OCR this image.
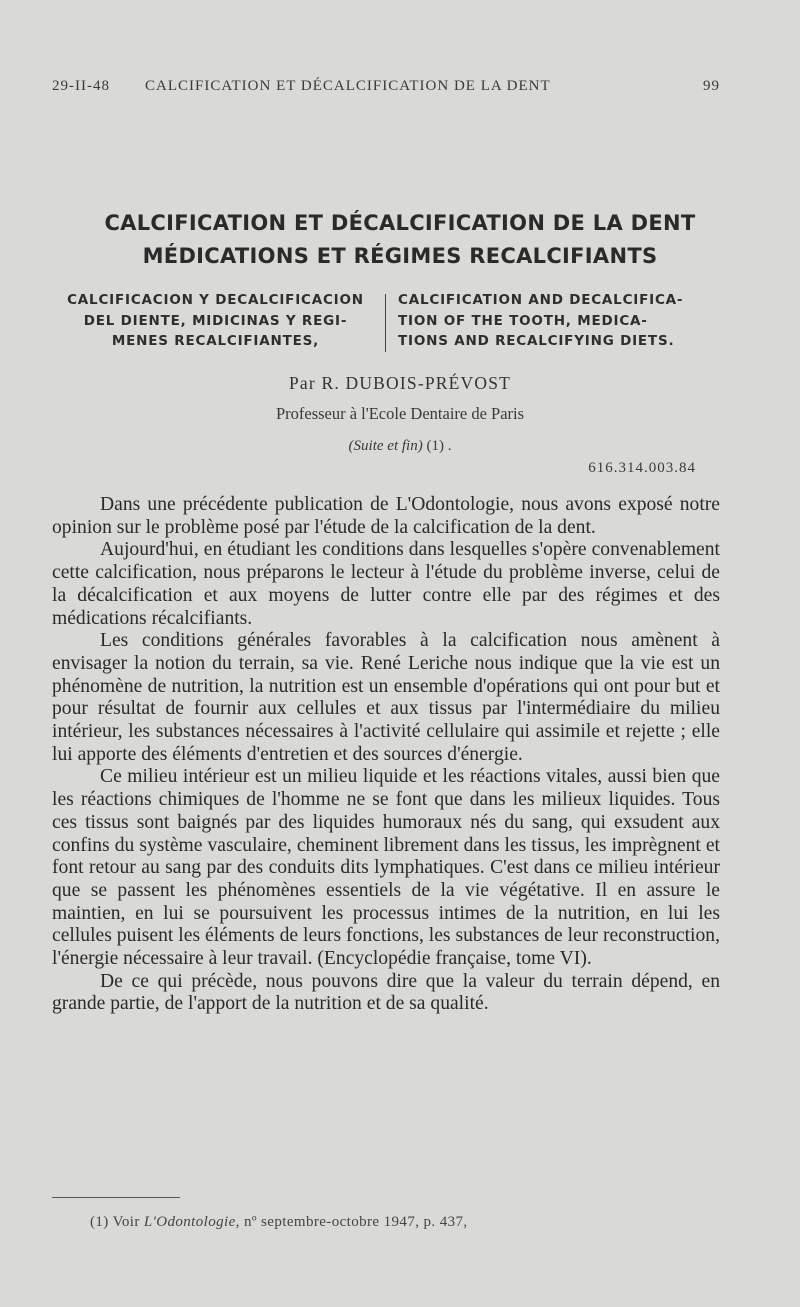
29-II-48 CALCIFICATION ET DÉCALCIFICATION DE LA DENT	99
CALCIFICATION ET DÉCALCIFICATION DE LA DENT
MÉDICATIONS ET RÉGIMES RECALCIFIANTS
CALCIFICACION Y DECALCIFICACION
DEL DIENTE, MIDICINAS Y REGI-
MENES RECALCIFIANTES,
CALCIFICATION AND DECALCIFICA-
TION OF THE TOOTH, MEDICA-
TIONS AND RECALCIFYING DIETS.
Par R. DUBOIS-PRÉVOST
Professeur à l'Ecole Dentaire de Paris
(Suite et fin) (1) .
616.314.003.84

Dans une précédente publication de L'Odontologie, nous avons exposé notre opinion sur le problème posé par l'étude de la calcification de la dent.

Aujourd'hui, en étudiant les conditions dans lesquelles s'opère convenablement cette calcification, nous préparons le lecteur à l'étude du problème inverse, celui de la décalcification et aux moyens de lutter contre elle par des régimes et des médications récalcifiants.

Les conditions générales favorables à la calcification nous amènent à envisager la notion du terrain, sa vie. René Leriche nous indique que la vie est un phénomène de nutrition, la nutrition est un ensemble d'opérations qui ont pour but et pour résultat de fournir aux cellules et aux tissus par l'intermédiaire du milieu intérieur, les substances nécessaires à l'activité cellulaire qui assimile et rejette ; elle lui apporte des éléments d'entretien et des sources d'énergie.

Ce milieu intérieur est un milieu liquide et les réactions vitales, aussi bien que les réactions chimiques de l'homme ne se font que dans les milieux liquides. Tous ces tissus sont baignés par des liquides humoraux nés du sang, qui exsudent aux confins du système vasculaire, cheminent librement dans les tissus, les imprègnent et font retour au sang par des conduits dits lymphatiques. C'est dans ce milieu intérieur que se passent les phénomènes essentiels de la vie végétative. Il en assure le maintien, en lui se poursuivent les processus intimes de la nutrition, en lui les cellules puisent les éléments de leurs fonctions, les substances de leur reconstruction, l'énergie nécessaire à leur travail. (Encyclopédie française, tome VI).

De ce qui précède, nous pouvons dire que la valeur du terrain dépend, en grande partie, de l'apport de la nutrition et de sa qualité.

(1) Voir L'Odontologie, nº septembre-octobre 1947, p. 437,
